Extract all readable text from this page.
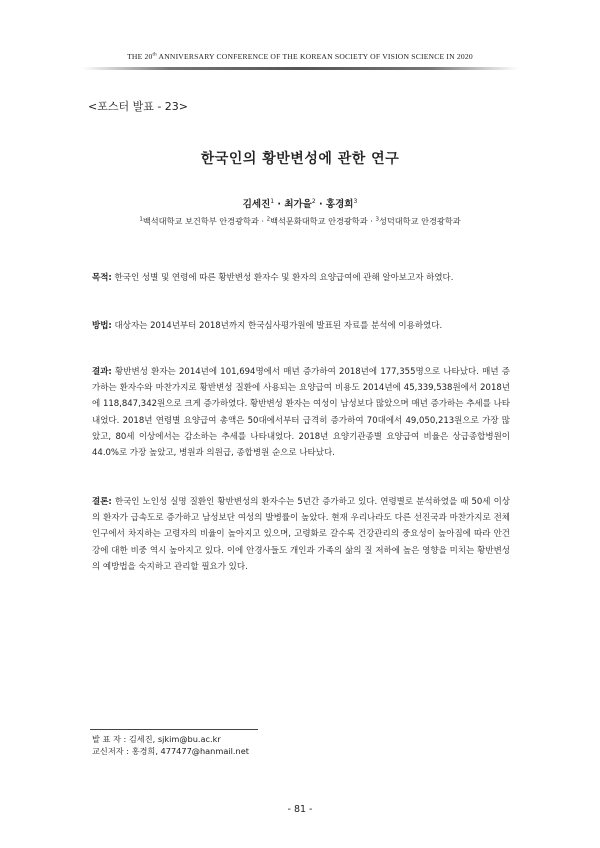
THE 20th ANNIVERSARY CONFERENCE OF THE KOREAN SOCIETY OF VISION SCIENCE IN 2020
<포스터 발표 - 23>
한국인의 황반변성에 관한 연구
김세진$^1$ · 최가을$^2$ · 홍경희$^3$
$^1$백석대학교 보건학부 안경광학과 · $^2$백석문화대학교 안경광학과 · $^3$성덕대학교 안경광학과

목적: 한국인 성별 및 연령에 따른 황반변성 환자수 및 환자의 요양급여에 관해 알아보고자 하였다.

방법: 대상자는 2014년부터 2018년까지 한국심사평가원에 발표된 자료를 분석에 이용하였다.

결과: 황반변성 환자는 2014년에 101,694명에서 매년 증가하여 2018년에 177,355명으로 나타났다. 매년 증가하는 환자수와 마찬가지로 황반변성 질환에 사용되는 요양급여 비용도 2014년에 45,339,538원에서 2018년에 118,847,342원으로 크게 증가하였다. 황반변성 환자는 여성이 남성보다 많았으며 매년 증가하는 추세를 나타내었다. 2018년 연령별 요양급여 총액은 50대에서부터 급격히 증가하여 70대에서 49,050,213원으로 가장 많았고, 80세 이상에서는 감소하는 추세를 나타내었다. 2018년 요양기관종별 요양급여 비율은 상급종합병원이 44.0%로 가장 높았고, 병원과 의원급, 종합병원 순으로 나타났다.

결론: 한국인 노인성 실명 질환인 황반변성의 환자수는 5년간 증가하고 있다. 연령별로 분석하였을 때 50세 이상의 환자가 급속도로 증가하고 남성보단 여성의 발병률이 높았다. 현재 우리나라도 다른 선진국과 마찬가지로 전체 인구에서 차지하는 고령자의 비율이 높아지고 있으며, 고령화로 갈수록 건강관리의 중요성이 높아짐에 따라 안건강에 대한 비중 역시 높아지고 있다. 이에 안경사들도 개인과 가족의 삶의 질 저하에 높은 영향을 미치는 황반변성의 예방법을 숙지하고 관리할 필요가 있다.

발 표 자 : 김세진, sjkim@bu.ac.kr
교신저자 : 홍경희, 477477@hanmail.net
- 81 -
